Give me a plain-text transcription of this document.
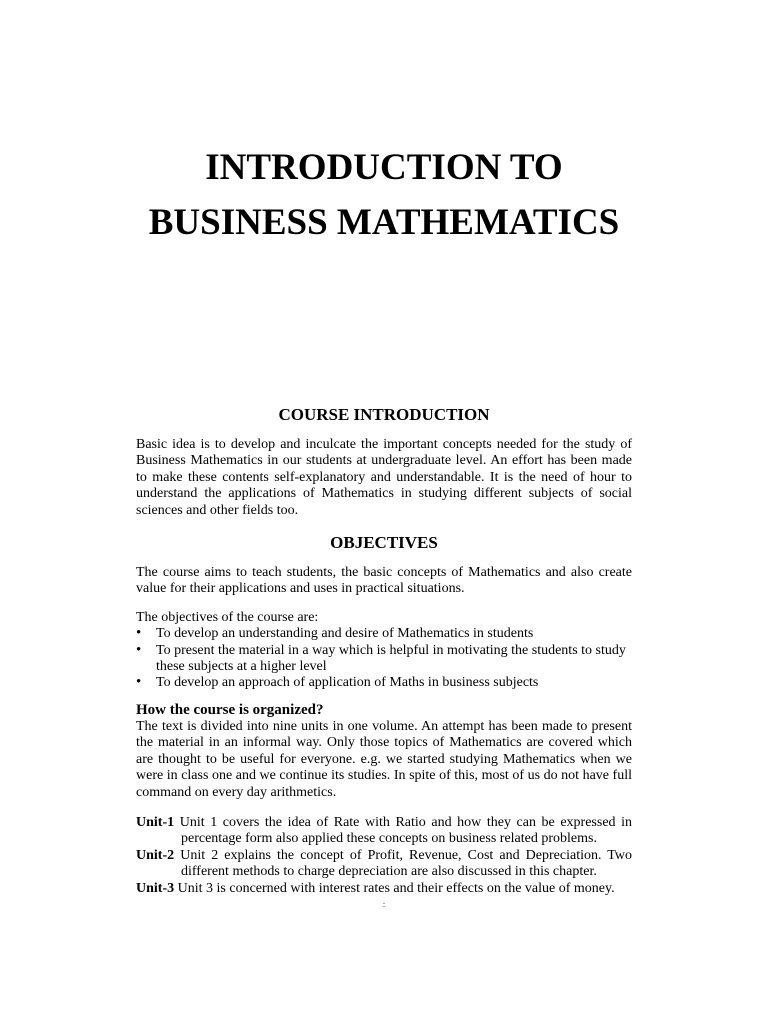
INTRODUCTION TO
BUSINESS MATHEMATICS
COURSE INTRODUCTION

Basic idea is to develop and inculcate the important concepts needed for the study of Business Mathematics in our students at undergraduate level. An effort has been made to make these contents self-explanatory and understandable. It is the need of hour to understand the applications of Mathematics in studying different subjects of social sciences and other fields too.

OBJECTIVES

The course aims to teach students, the basic concepts of Mathematics and also create value for their applications and uses in practical situations.

The objectives of the course are:

• To develop an understanding and desire of Mathematics in students
• To present the material in a way which is helpful in motivating the students to study these subjects at a higher level
• To develop an approach of application of Maths in business subjects
How the course is organized?

The text is divided into nine units in one volume. An attempt has been made to present the material in an informal way. Only those topics of Mathematics are covered which are thought to be useful for everyone. e.g. we started studying Mathematics when we were in class one and we continue its studies. In spite of this, most of us do not have full command on every day arithmetics.

Unit-1 Unit 1 covers the idea of Rate with Ratio and how they can be expressed in percentage form also applied these concepts on business related problems.
Unit-2 Unit 2 explains the concept of Profit, Revenue, Cost and Depreciation. Two different methods to charge depreciation are also discussed in this chapter.
Unit-3 Unit 3 is concerned with interest rates and their effects on the value of money.
:
